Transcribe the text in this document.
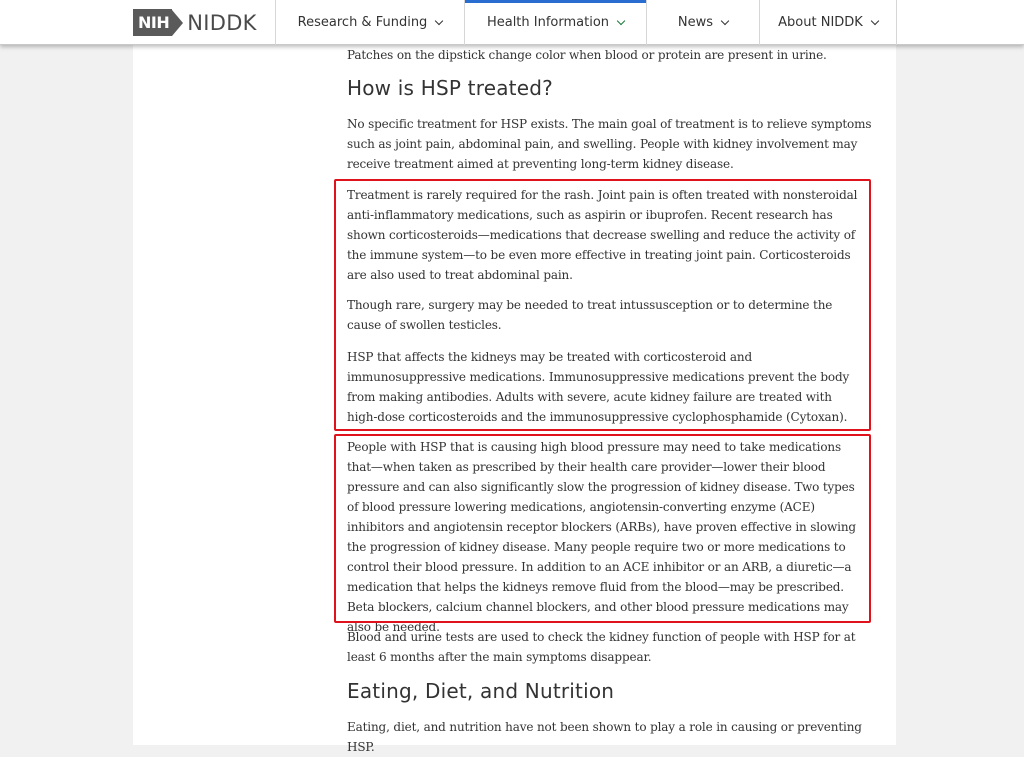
NIH NIDDK	Research & Funding	Health Information	News	About NIDDK

Patches on the dipstick change color when blood or protein are present in urine.

How is HSP treated?

No specific treatment for HSP exists. The main goal of treatment is to relieve symptoms such as joint pain, abdominal pain, and swelling. People with kidney involvement may receive treatment aimed at preventing long-term kidney disease.

Treatment is rarely required for the rash. Joint pain is often treated with nonsteroidal anti-inflammatory medications, such as aspirin or ibuprofen. Recent research has shown corticosteroids—medications that decrease swelling and reduce the activity of the immune system—to be even more effective in treating joint pain. Corticosteroids are also used to treat abdominal pain.

Though rare, surgery may be needed to treat intussusception or to determine the cause of swollen testicles.

HSP that affects the kidneys may be treated with corticosteroid and immunosuppressive medications. Immunosuppressive medications prevent the body from making antibodies. Adults with severe, acute kidney failure are treated with high-dose corticosteroids and the immunosuppressive cyclophosphamide (Cytoxan).

People with HSP that is causing high blood pressure may need to take medications that—when taken as prescribed by their health care provider—lower their blood pressure and can also significantly slow the progression of kidney disease. Two types of blood pressure lowering medications, angiotensin-converting enzyme (ACE) inhibitors and angiotensin receptor blockers (ARBs), have proven effective in slowing the progression of kidney disease. Many people require two or more medications to control their blood pressure. In addition to an ACE inhibitor or an ARB, a diuretic—a medication that helps the kidneys remove fluid from the blood—may be prescribed. Beta blockers, calcium channel blockers, and other blood pressure medications may also be needed.

Blood and urine tests are used to check the kidney function of people with HSP for at least 6 months after the main symptoms disappear.

Eating, Diet, and Nutrition

Eating, diet, and nutrition have not been shown to play a role in causing or preventing HSP.
